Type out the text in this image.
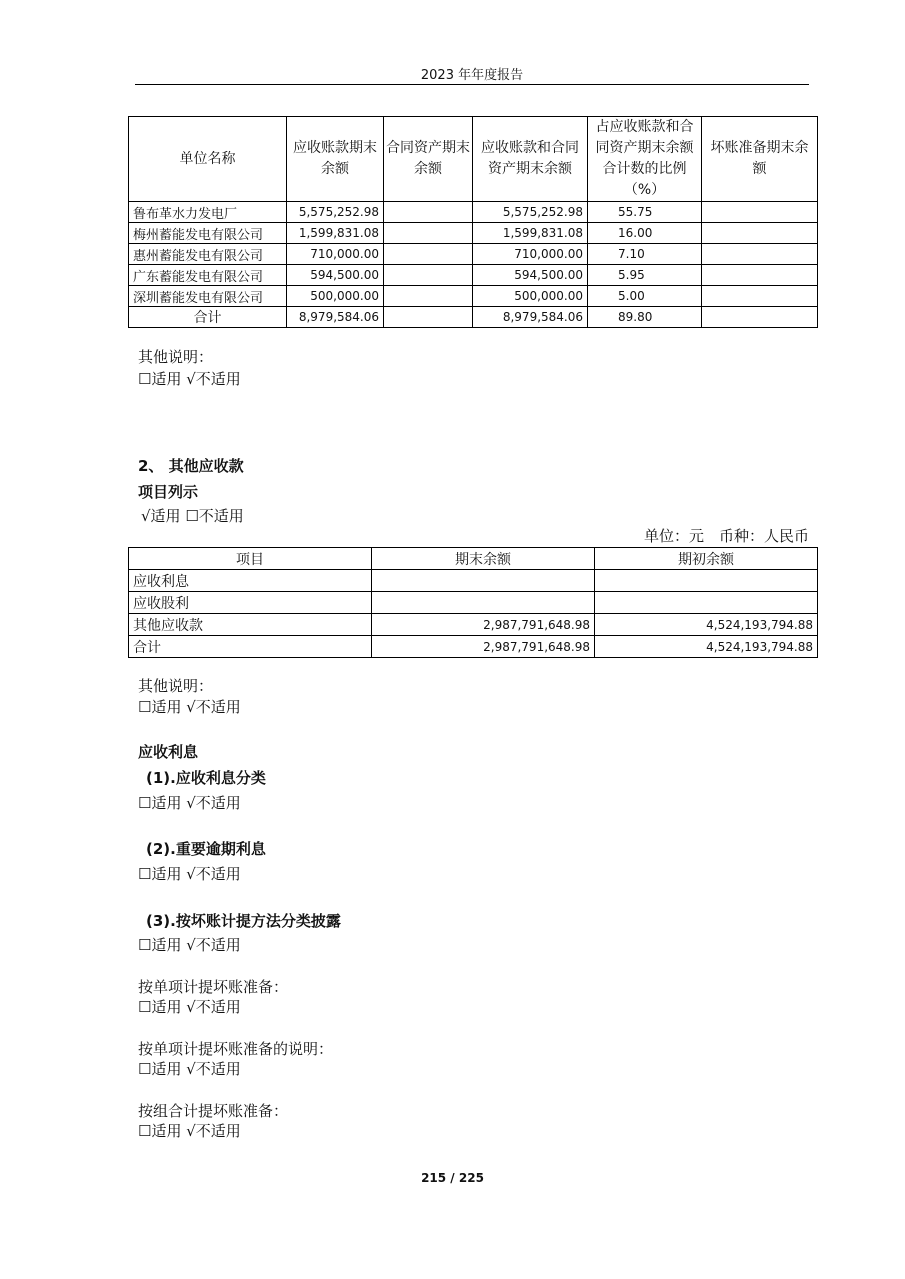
2023 年年度报告
单位名称	应收账款期末余额	合同资产期末余额	应收账款和合同资产期末余额	占应收账款和合同资产期末余额合计数的比例（%）	坏账准备期末余额
鲁布革水力发电厂	5,575,252.98		5,575,252.98	55.75	
梅州蓄能发电有限公司	1,599,831.08		1,599,831.08	16.00	
惠州蓄能发电有限公司	710,000.00		710,000.00	7.10	
广东蓄能发电有限公司	594,500.00		594,500.00	5.95	
深圳蓄能发电有限公司	500,000.00		500,000.00	5.00	
合计	8,979,584.06		8,979,584.06	89.80	
其他说明：
☐适用 √不适用
2、 其他应收款
项目列示
√适用 ☐不适用
单位：元　币种：人民币
项目	期末余额	期初余额
应收利息		
应收股利		
其他应收款	2,987,791,648.98	4,524,193,794.88
合计	2,987,791,648.98	4,524,193,794.88
其他说明：
☐适用 √不适用
应收利息
(1).应收利息分类
☐适用 √不适用
(2).重要逾期利息
☐适用 √不适用
(3).按坏账计提方法分类披露
☐适用 √不适用
按单项计提坏账准备：
☐适用 √不适用
按单项计提坏账准备的说明：
☐适用 √不适用
按组合计提坏账准备：
☐适用 √不适用
215 / 225
